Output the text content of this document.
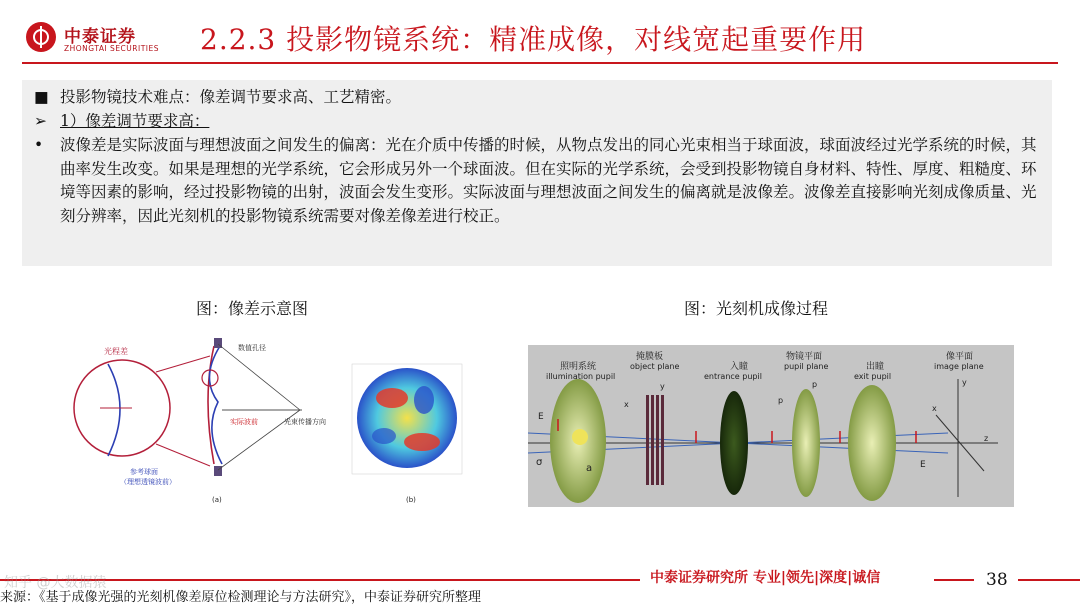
中泰证券
ZHONGTAI SECURITIES 2.2.3 投影物镜系统：精准成像，对线宽起重要作用
■ 投影物镜技术难点：像差调节要求高、工艺精密。
➢ 1）像差调节要求高：
• 波像差是实际波面与理想波面之间发生的偏离：光在介质中传播的时候，从物点发出的同心光束相当于球面波，球面波经过光学系统的时候，其曲率发生改变。如果是理想的光学系统，它会形成另外一个球面波。但在实际的光学系统，会受到投影物镜自身材料、特性、厚度、粗糙度、环境等因素的影响，经过投影物镜的出射，波面会发生变形。实际波面与理想波面之间发生的偏离就是波像差。波像差直接影响光刻成像质量、光刻分辨率，因此光刻机的投影物镜系统需要对像差像差进行校正。
图：像差示意图	图：光刻机成像过程
光程差	数值孔径
实际波前	光束传播方向
参考球面
（理想透镜波前）
(a)	(b)
照明系统
illumination pupil
掩膜板
object plane	入瞳
entrance pupil
物镜平面
pupil plane	出瞳
exit pupil
像平面
image plane
y
x
p
p
E
E
σ
a
x
y
z
中泰证券研究所 专业|领先|深度|诚信	38
知乎 @大数据猿
来源：《基于成像光强的光刻机像差原位检测理论与方法研究》，中泰证券研究所整理
